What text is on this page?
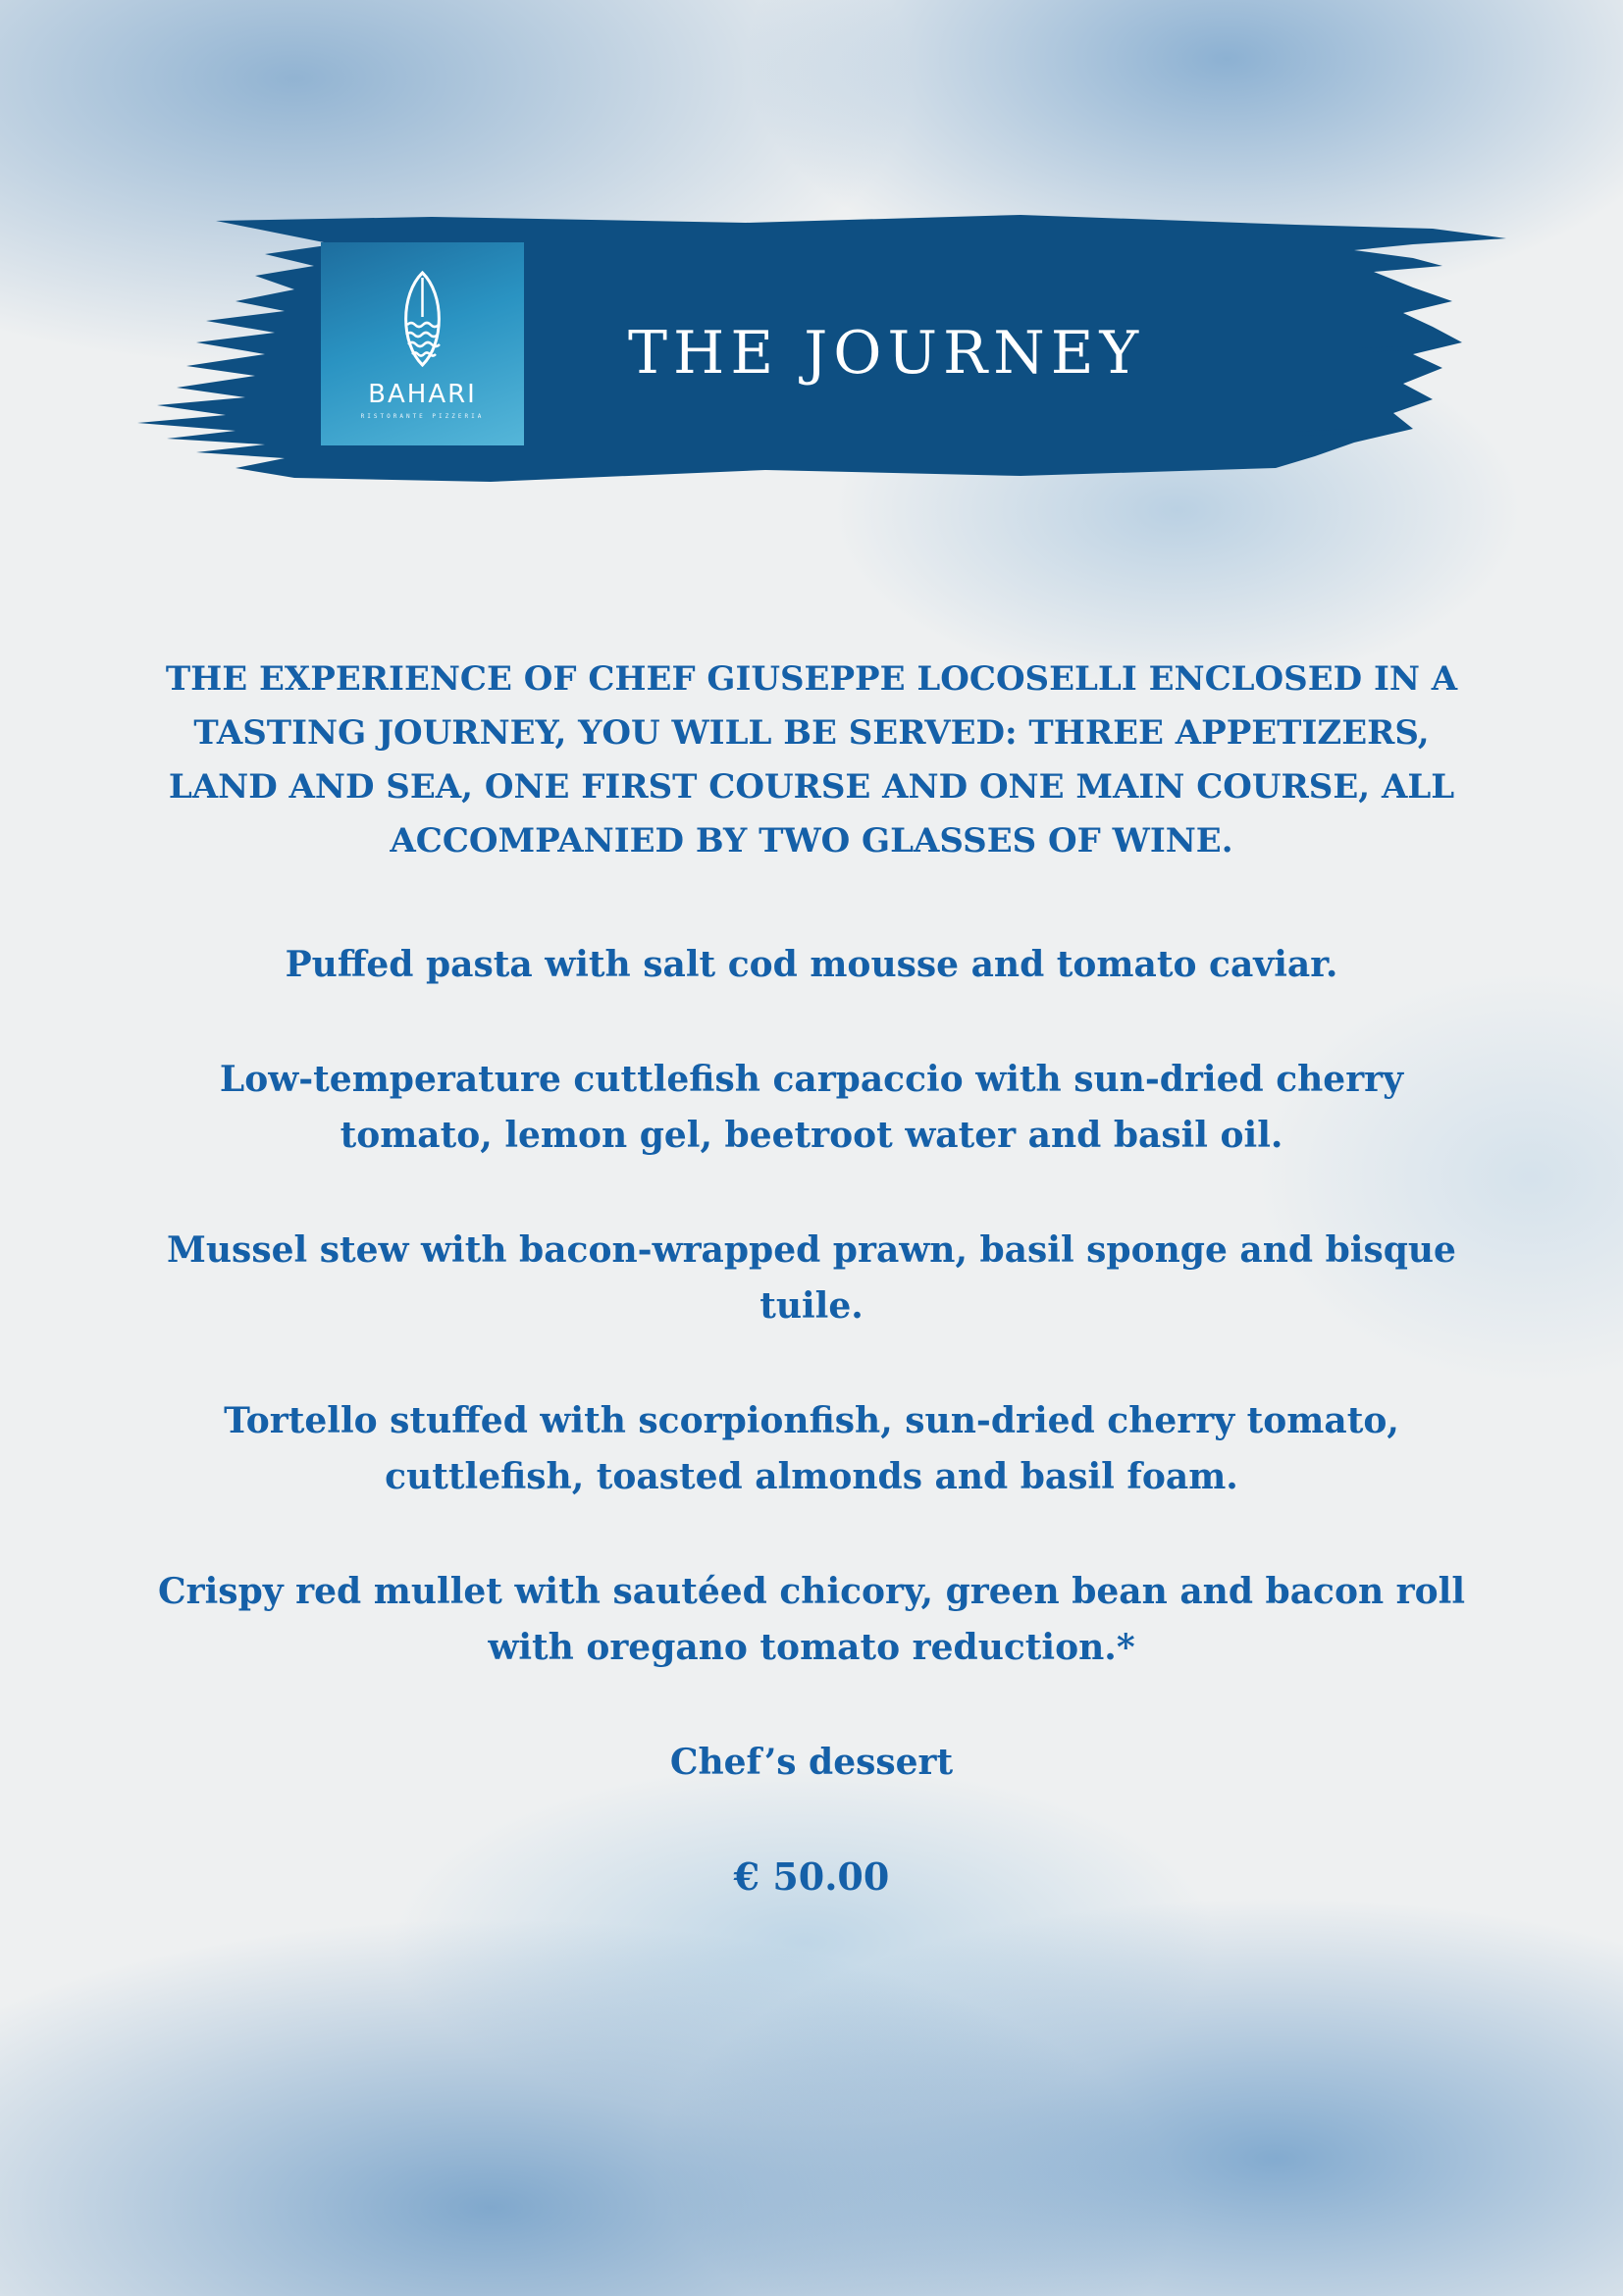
BAHARI
RISTORANTE PIZZERIA
THE JOURNEY

THE EXPERIENCE OF CHEF GIUSEPPE LOCOSELLI ENCLOSED IN A TASTING JOURNEY, YOU WILL BE SERVED: THREE APPETIZERS, LAND AND SEA, ONE FIRST COURSE AND ONE MAIN COURSE, ALL ACCOMPANIED BY TWO GLASSES OF WINE.

Puffed pasta with salt cod mousse and tomato caviar.
Low-temperature cuttlefish carpaccio with sun-dried cherry tomato, lemon gel, beetroot water and basil oil.
Mussel stew with bacon-wrapped prawn, basil sponge and bisque tuile.
Tortello stuffed with scorpionfish, sun-dried cherry tomato, cuttlefish, toasted almonds and basil foam.
Crispy red mullet with sautéed chicory, green bean and bacon roll with oregano tomato reduction.*
Chef’s dessert
€ 50.00
